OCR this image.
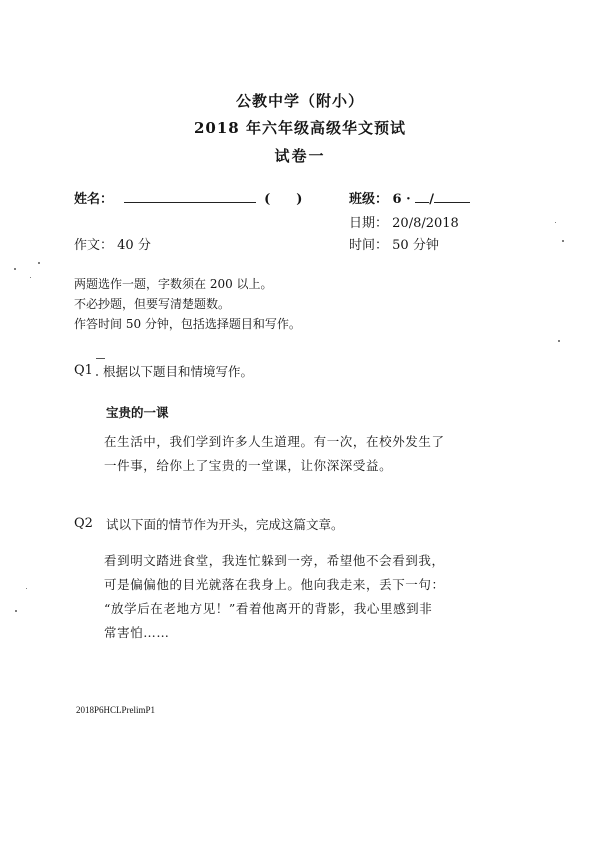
公教中学（附小）
2018 年六年级高级华文预试
试卷一
姓名：	(　　)	班级： 6 · /
日期： 20/8/2018
作文： 40 分	时间： 50 分钟
两题选作一题，字数须在 200 以上。
不必抄题，但要写清楚题数。
作答时间 50 分钟，包括选择题目和写作。
Q1 根据以下题目和情境写作。
宝贵的一课
在生活中，我们学到许多人生道理。有一次，在校外发生了
一件事，给你上了宝贵的一堂课，让你深深受益。
Q2 试以下面的情节作为开头，完成这篇文章。
看到明文踏进食堂，我连忙躲到一旁，希望他不会看到我，
可是偏偏他的目光就落在我身上。他向我走来，丢下一句：
“放学后在老地方见！”看着他离开的背影，我心里感到非
常害怕……
2018P6HCLPrelimP1
